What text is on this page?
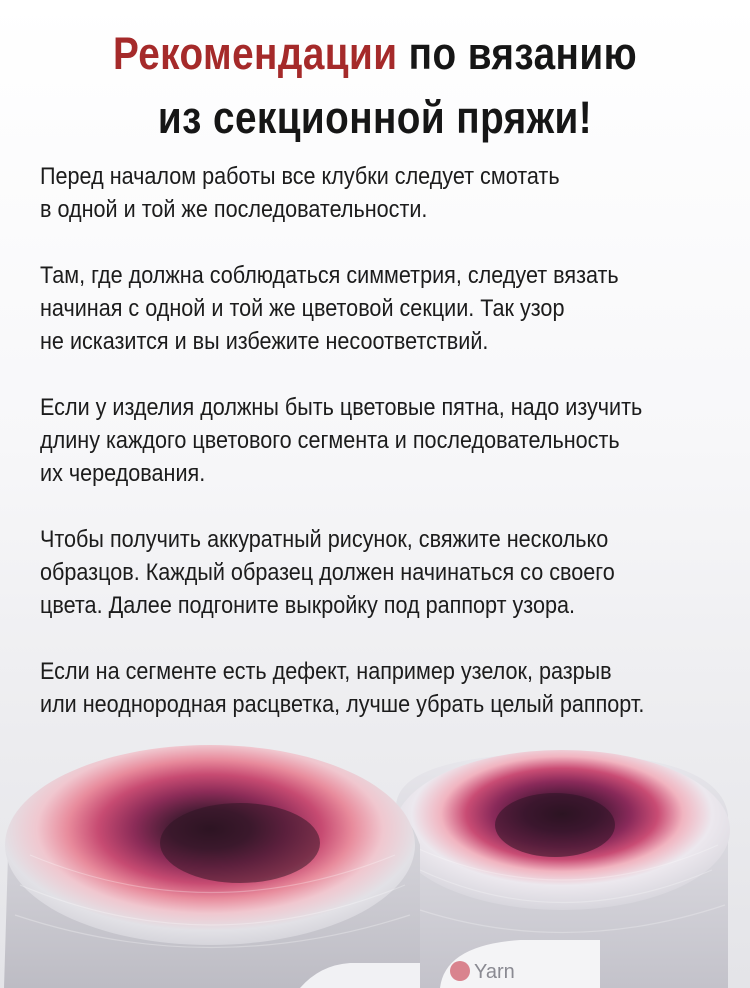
Рекомендации по вязанию
из секционной пряжи!

Перед началом работы все клубки следует смотать
в одной и той же последовательности.

Там, где должна соблюдаться симметрия, следует вязать
начиная с одной и той же цветовой секции. Так узор
не исказится и вы избежите несоответствий.

Если у изделия должны быть цветовые пятна, надо изучить
длину каждого цветового сегмента и последовательность
их чередования.

Чтобы получить аккуратный рисунок, свяжите несколько
образцов. Каждый образец должен начинаться со своего
цвета. Далее подгоните выкройку под раппорт узора.

Если на сегменте есть дефект, например узелок, разрыв
или неоднородная расцветка, лучше убрать целый раппорт.

Yarn
